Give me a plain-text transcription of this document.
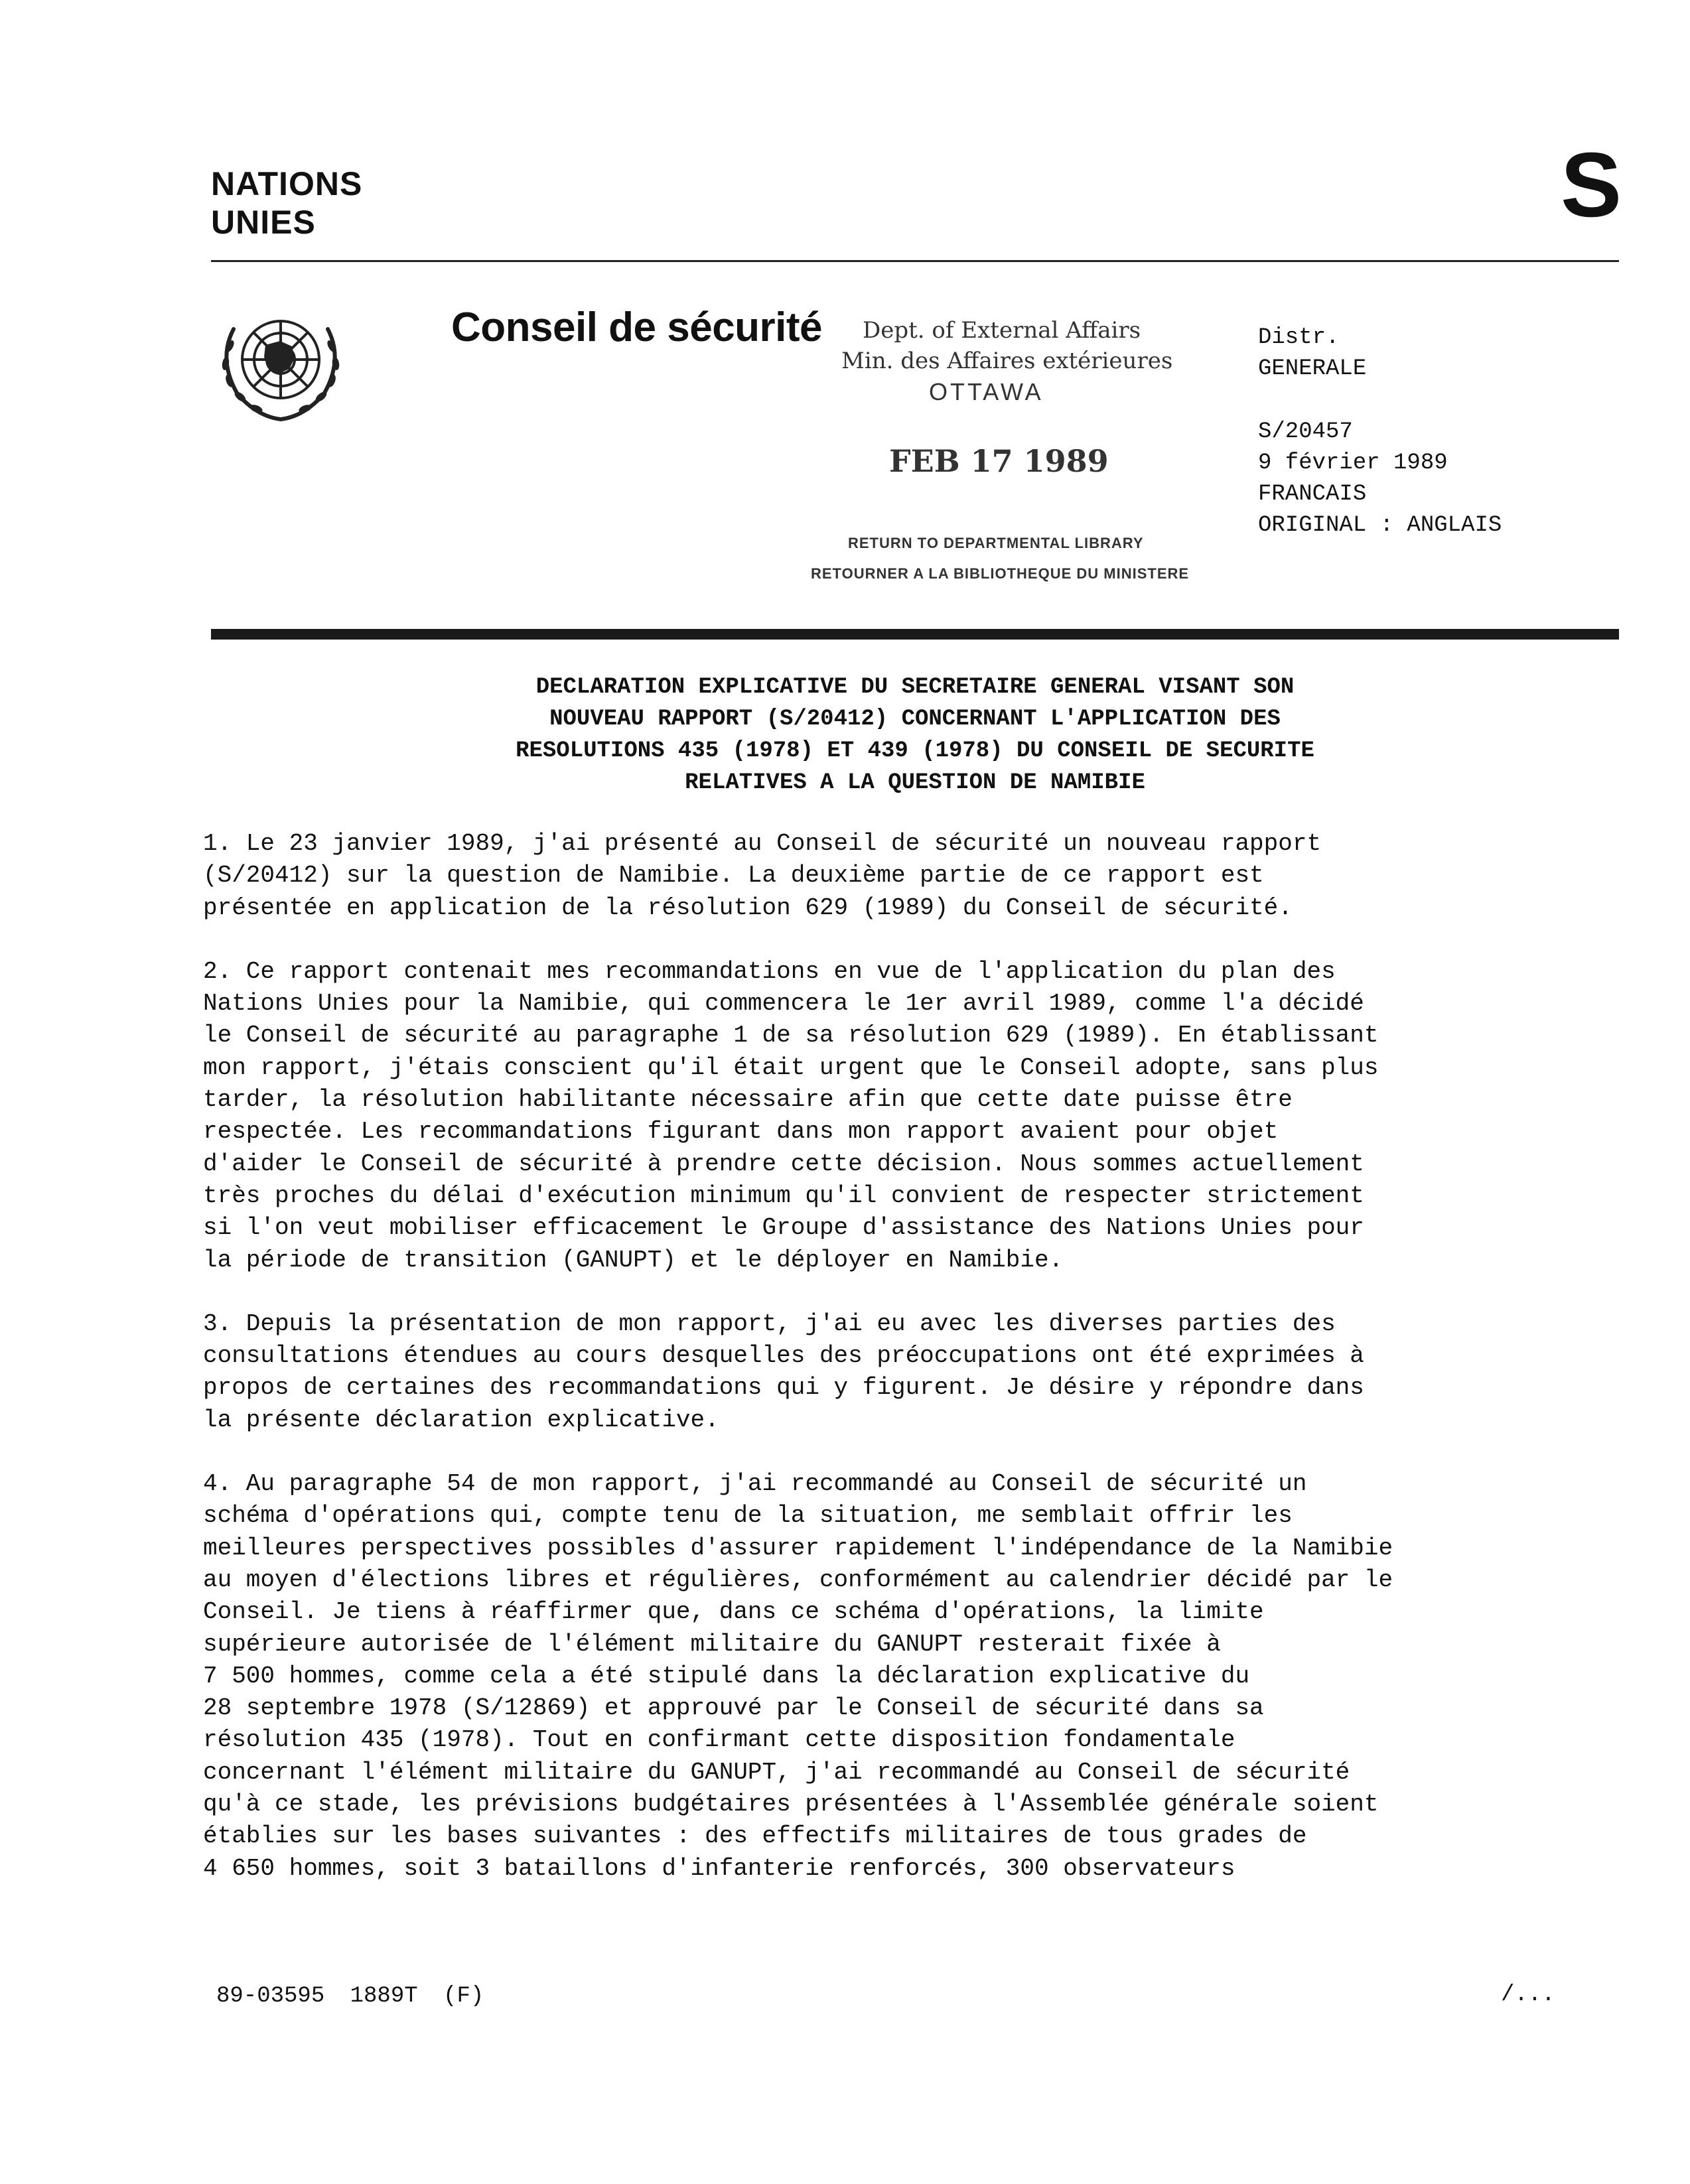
NATIONS
UNIES	S
Conseil de sécurité Dept. of External Affairs
Min. des Affaires extérieures
OTTAWA
FEB 17 1989
RETURN TO DEPARTMENTAL LIBRARY
RETOURNER A LA BIBLIOTHEQUE DU MINISTERE
Distr.
GENERALE
S/20457
9 février 1989
FRANCAIS
ORIGINAL : ANGLAIS
DECLARATION EXPLICATIVE DU SECRETAIRE GENERAL VISANT SON
NOUVEAU RAPPORT (S/20412) CONCERNANT L'APPLICATION DES
RESOLUTIONS 435 (1978) ET 439 (1978) DU CONSEIL DE SECURITE
RELATIVES A LA QUESTION DE NAMIBIE

1. Le 23 janvier 1989, j'ai présenté au Conseil de sécurité un nouveau rapport
(S/20412) sur la question de Namibie. La deuxième partie de ce rapport est
présentée en application de la résolution 629 (1989) du Conseil de sécurité.

2. Ce rapport contenait mes recommandations en vue de l'application du plan des
Nations Unies pour la Namibie, qui commencera le 1er avril 1989, comme l'a décidé
le Conseil de sécurité au paragraphe 1 de sa résolution 629 (1989). En établissant
mon rapport, j'étais conscient qu'il était urgent que le Conseil adopte, sans plus
tarder, la résolution habilitante nécessaire afin que cette date puisse être
respectée. Les recommandations figurant dans mon rapport avaient pour objet
d'aider le Conseil de sécurité à prendre cette décision. Nous sommes actuellement
très proches du délai d'exécution minimum qu'il convient de respecter strictement
si l'on veut mobiliser efficacement le Groupe d'assistance des Nations Unies pour
la période de transition (GANUPT) et le déployer en Namibie.

3. Depuis la présentation de mon rapport, j'ai eu avec les diverses parties des
consultations étendues au cours desquelles des préoccupations ont été exprimées à
propos de certaines des recommandations qui y figurent. Je désire y répondre dans
la présente déclaration explicative.

4. Au paragraphe 54 de mon rapport, j'ai recommandé au Conseil de sécurité un
schéma d'opérations qui, compte tenu de la situation, me semblait offrir les
meilleures perspectives possibles d'assurer rapidement l'indépendance de la Namibie
au moyen d'élections libres et régulières, conformément au calendrier décidé par le
Conseil. Je tiens à réaffirmer que, dans ce schéma d'opérations, la limite
supérieure autorisée de l'élément militaire du GANUPT resterait fixée à
7 500 hommes, comme cela a été stipulé dans la déclaration explicative du
28 septembre 1978 (S/12869) et approuvé par le Conseil de sécurité dans sa
résolution 435 (1978). Tout en confirmant cette disposition fondamentale
concernant l'élément militaire du GANUPT, j'ai recommandé au Conseil de sécurité
qu'à ce stade, les prévisions budgétaires présentées à l'Assemblée générale soient
établies sur les bases suivantes : des effectifs militaires de tous grades de
4 650 hommes, soit 3 bataillons d'infanterie renforcés, 300 observateurs

89-03595 1889T (F)	/...
